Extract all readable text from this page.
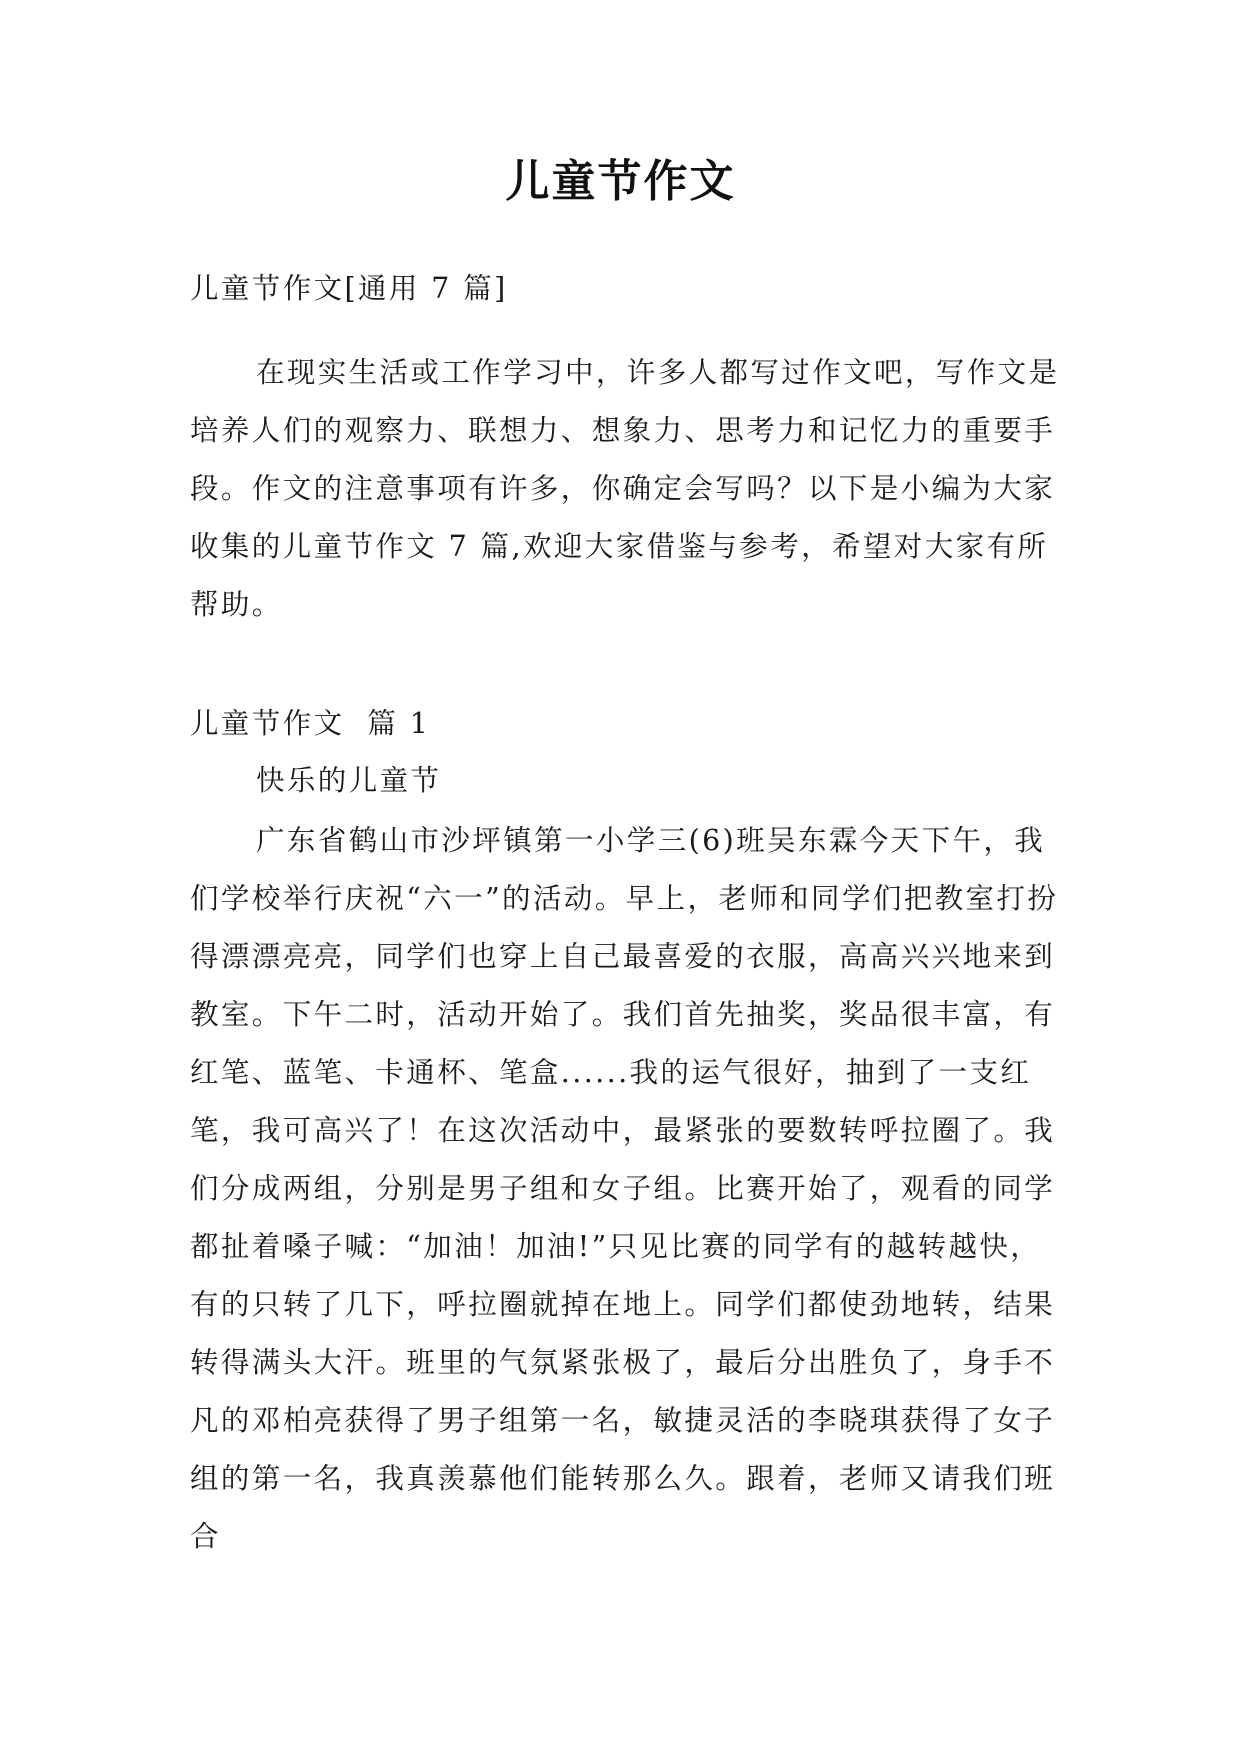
儿童节作文

儿童节作文[通用 7 篇]

在现实生活或工作学习中，许多人都写过作文吧，写作文是培养人们的观察力、联想力、想象力、思考力和记忆力的重要手段。作文的注意事项有许多，你确定会写吗？以下是小编为大家收集的儿童节作文 7 篇,欢迎大家借鉴与参考，希望对大家有所帮助。

儿童节作文  篇 1

快乐的儿童节

广东省鹤山市沙坪镇第一小学三(6)班吴东霖今天下午，我们学校举行庆祝“六一”的活动。早上，老师和同学们把教室打扮得漂漂亮亮，同学们也穿上自己最喜爱的衣服，高高兴兴地来到教室。下午二时，活动开始了。我们首先抽奖，奖品很丰富，有红笔、蓝笔、卡通杯、笔盒......我的运气很好，抽到了一支红笔，我可高兴了！在这次活动中，最紧张的要数转呼拉圈了。我们分成两组，分别是男子组和女子组。比赛开始了，观看的同学都扯着嗓子喊：“加油！加油!”只见比赛的同学有的越转越快，有的只转了几下，呼拉圈就掉在地上。同学们都使劲地转，结果转得满头大汗。班里的气氛紧张极了，最后分出胜负了，身手不凡的邓柏亮获得了男子组第一名，敏捷灵活的李晓琪获得了女子组的第一名，我真羡慕他们能转那么久。跟着，老师又请我们班合
